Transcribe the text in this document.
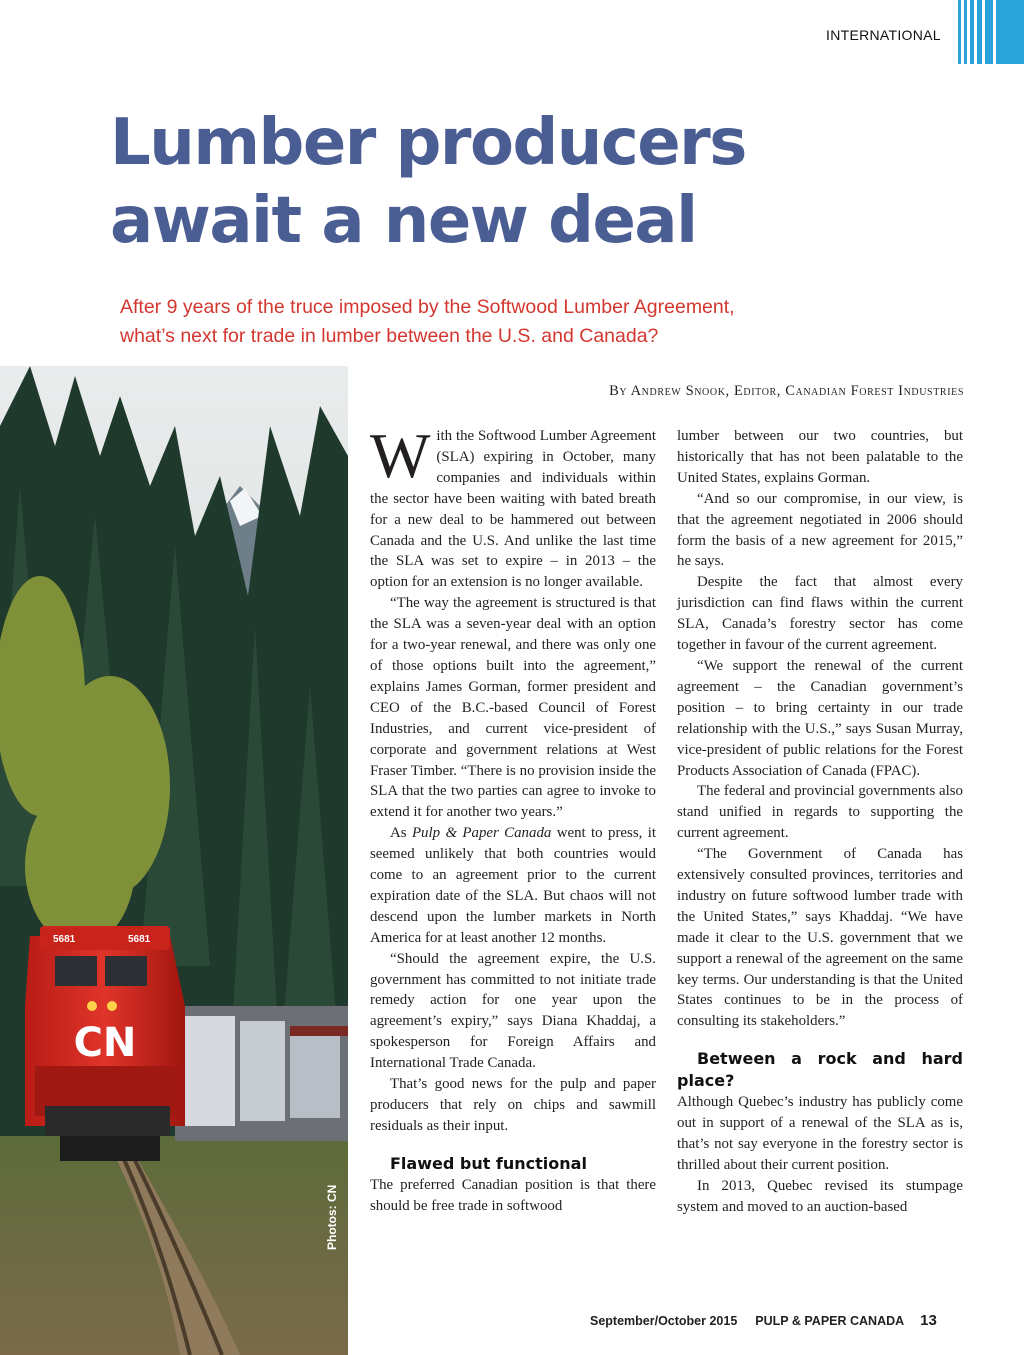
INTERNATIONAL
Lumber producers
await a new deal

After 9 years of the truce imposed by the Softwood Lumber Agreement,
what’s next for trade in lumber between the U.S. and Canada?

By Andrew Snook, Editor, Canadian Forest Industries
5681	5681
CN
Photos: CN

With the Softwood Lumber Agreement (SLA) expiring in October, many companies and individuals within the sector have been waiting with bated breath for a new deal to be hammered out between Canada and the U.S. And unlike the last time the SLA was set to expire – in 2013 – the option for an extension is no longer available.

“The way the agreement is structured is that the SLA was a seven-year deal with an option for a two-year renewal, and there was only one of those options built into the agreement,” explains James Gorman, former president and CEO of the B.C.-based Council of Forest Industries, and current vice-president of corporate and government relations at West Fraser Timber. “There is no provision inside the SLA that the two parties can agree to invoke to extend it for another two years.”

As Pulp & Paper Canada went to press, it seemed unlikely that both countries would come to an agreement prior to the current expiration date of the SLA. But chaos will not descend upon the lumber markets in North America for at least another 12 months.

“Should the agreement expire, the U.S. government has committed to not initiate trade remedy action for one year upon the agreement’s expiry,” says Diana Khaddaj, a spokesperson for Foreign Affairs and International Trade Canada.

That’s good news for the pulp and paper producers that rely on chips and sawmill residuals as their input.

Flawed but functional

The preferred Canadian position is that there should be free trade in softwood

lumber between our two countries, but historically that has not been palatable to the United States, explains Gorman.

“And so our compromise, in our view, is that the agreement negotiated in 2006 should form the basis of a new agreement for 2015,” he says.

Despite the fact that almost every jurisdiction can find flaws within the current SLA, Canada’s forestry sector has come together in favour of the current agreement.

“We support the renewal of the current agreement – the Canadian government’s position – to bring certainty in our trade relationship with the U.S.,” says Susan Murray, vice-president of public relations for the Forest Products Association of Canada (FPAC).

The federal and provincial governments also stand unified in regards to supporting the current agreement.

“The Government of Canada has extensively consulted provinces, territories and industry on future softwood lumber trade with the United States,” says Khaddaj. “We have made it clear to the U.S. government that we support a renewal of the agreement on the same key terms. Our understanding is that the United States continues to be in the process of consulting its stakeholders.”

Between a rock and hard place?

Although Quebec’s industry has publicly come out in support of a renewal of the SLA as is, that’s not say everyone in the forestry sector is thrilled about their current position.

In 2013, Quebec revised its stumpage system and moved to an auction-based

September/October 2015 PULP & PAPER CANADA 13
